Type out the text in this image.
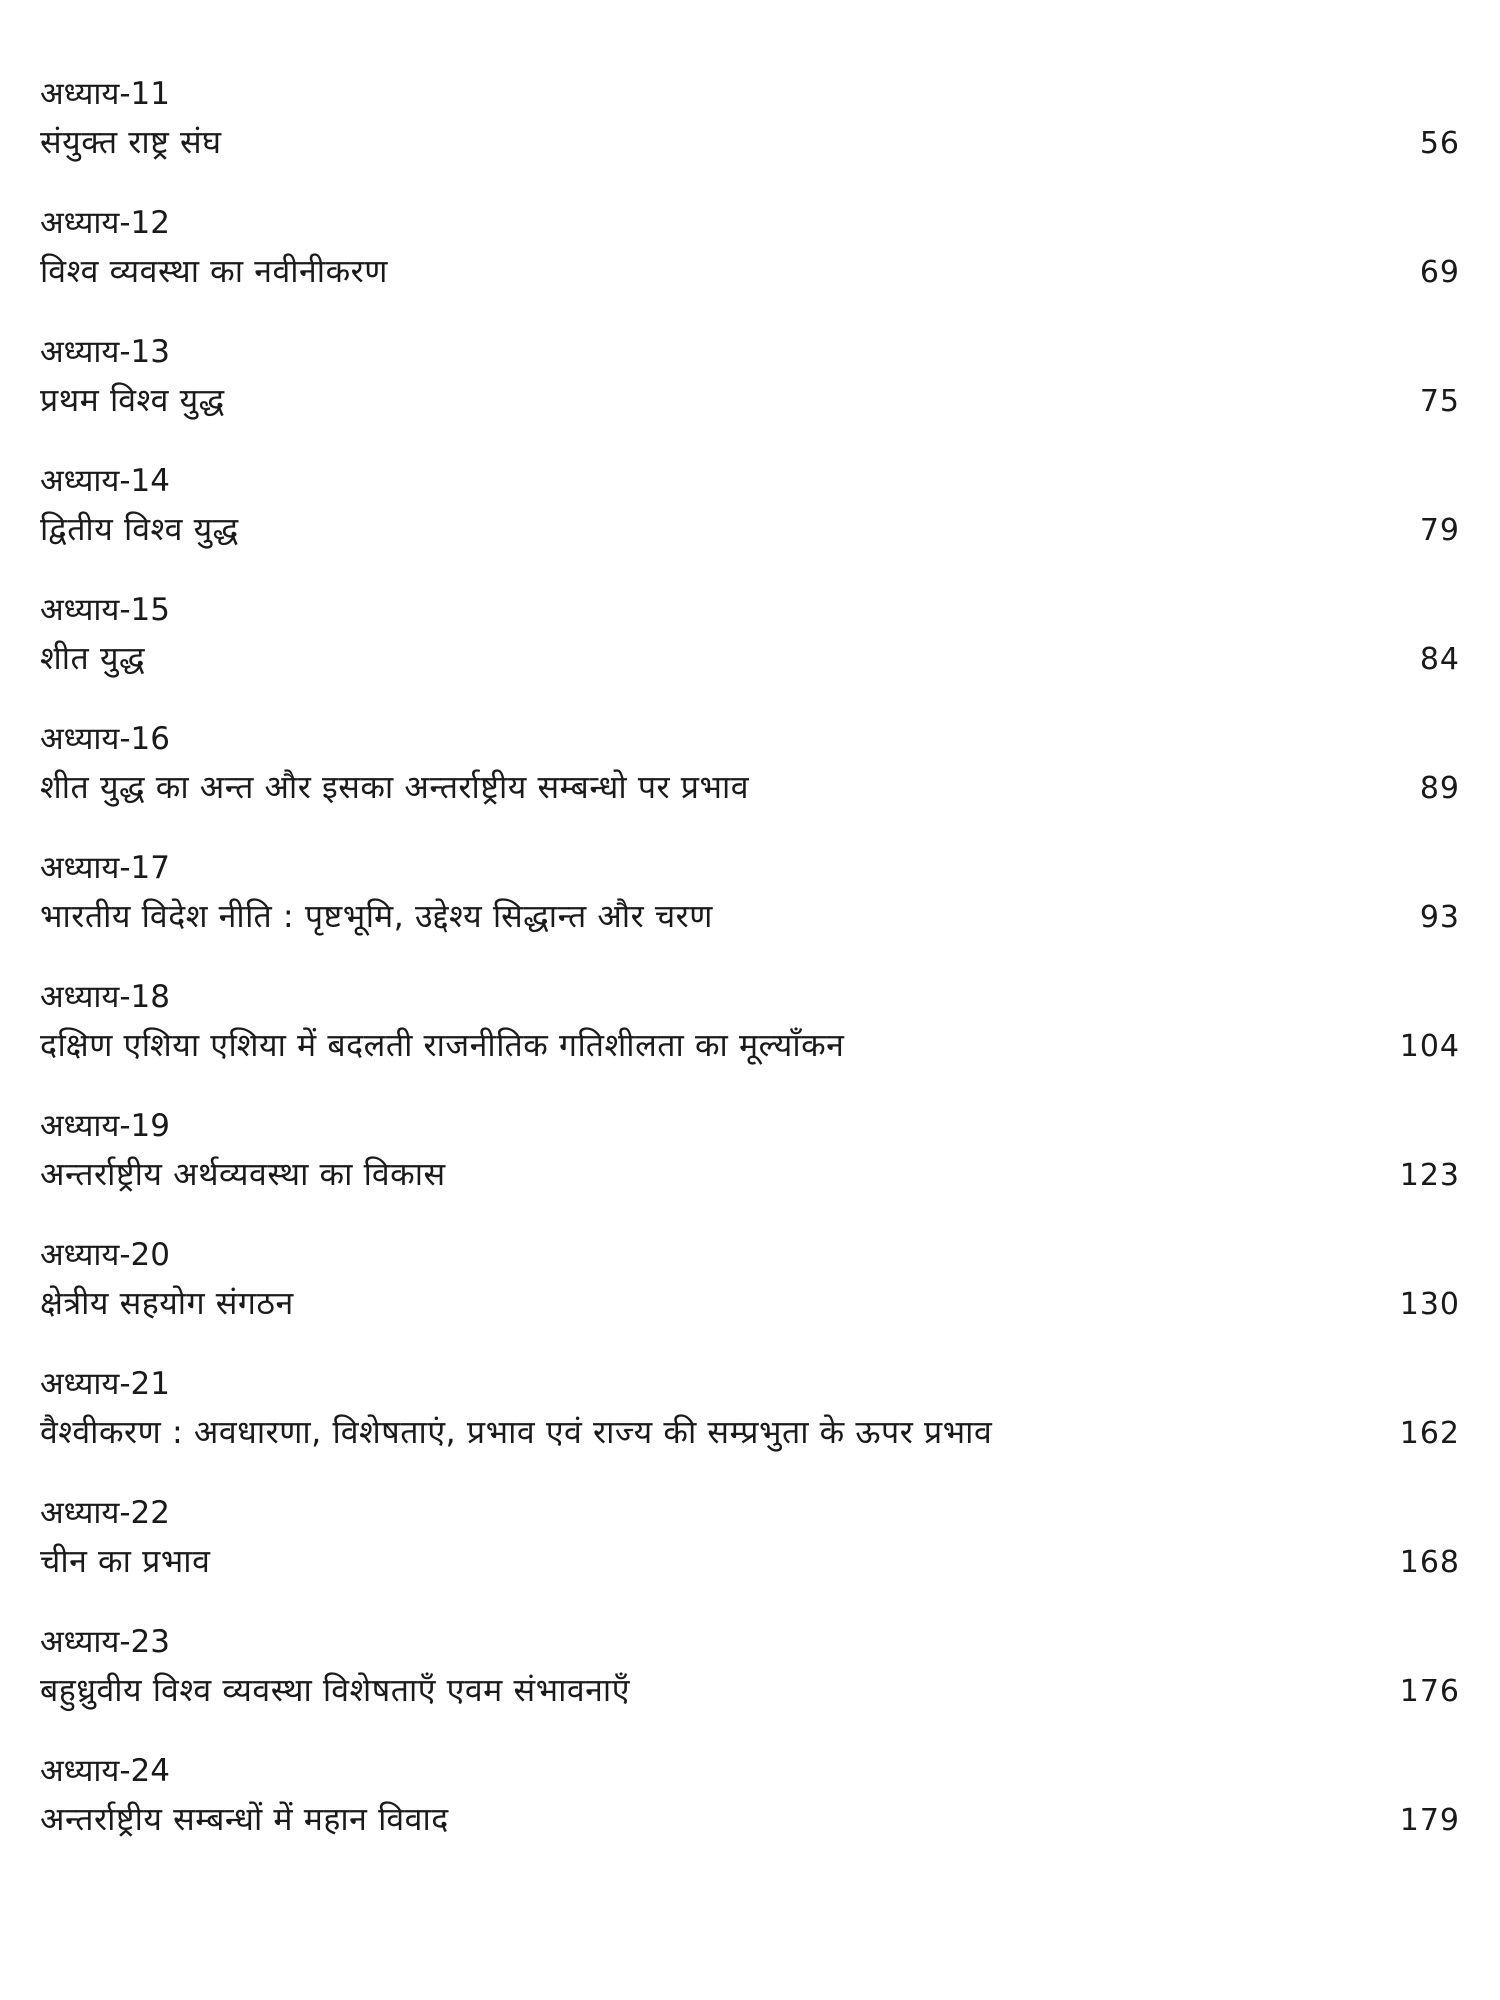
अध्याय-11
संयुक्त राष्ट्र संघ	56
अध्याय-12
विश्व व्यवस्था का नवीनीकरण	69
अध्याय-13
प्रथम विश्व युद्ध	75
अध्याय-14
द्वितीय विश्व युद्ध	79
अध्याय-15
शीत युद्ध	84
अध्याय-16
शीत युद्ध का अन्त और इसका अन्तर्राष्ट्रीय सम्बन्धो पर प्रभाव	89
अध्याय-17
भारतीय विदेश नीति : पृष्टभूमि, उद्देश्य सिद्धान्त और चरण	93
अध्याय-18
दक्षिण एशिया एशिया में बदलती राजनीतिक गतिशीलता का मूल्यॉंकन	104
अध्याय-19
अन्तर्राष्ट्रीय अर्थव्यवस्था का विकास	123
अध्याय-20
क्षेत्रीय सहयोग संगठन	130
अध्याय-21
वैश्वीकरण : अवधारणा, विशेषताएं, प्रभाव एवं राज्य की सम्प्रभुता के ऊपर प्रभाव	162
अध्याय-22
चीन का प्रभाव	168
अध्याय-23
बहुध्रुवीय विश्व व्यवस्था विशेषताएँ एवम संभावनाएँ	176
अध्याय-24
अन्तर्राष्ट्रीय सम्बन्धों में महान विवाद	179
